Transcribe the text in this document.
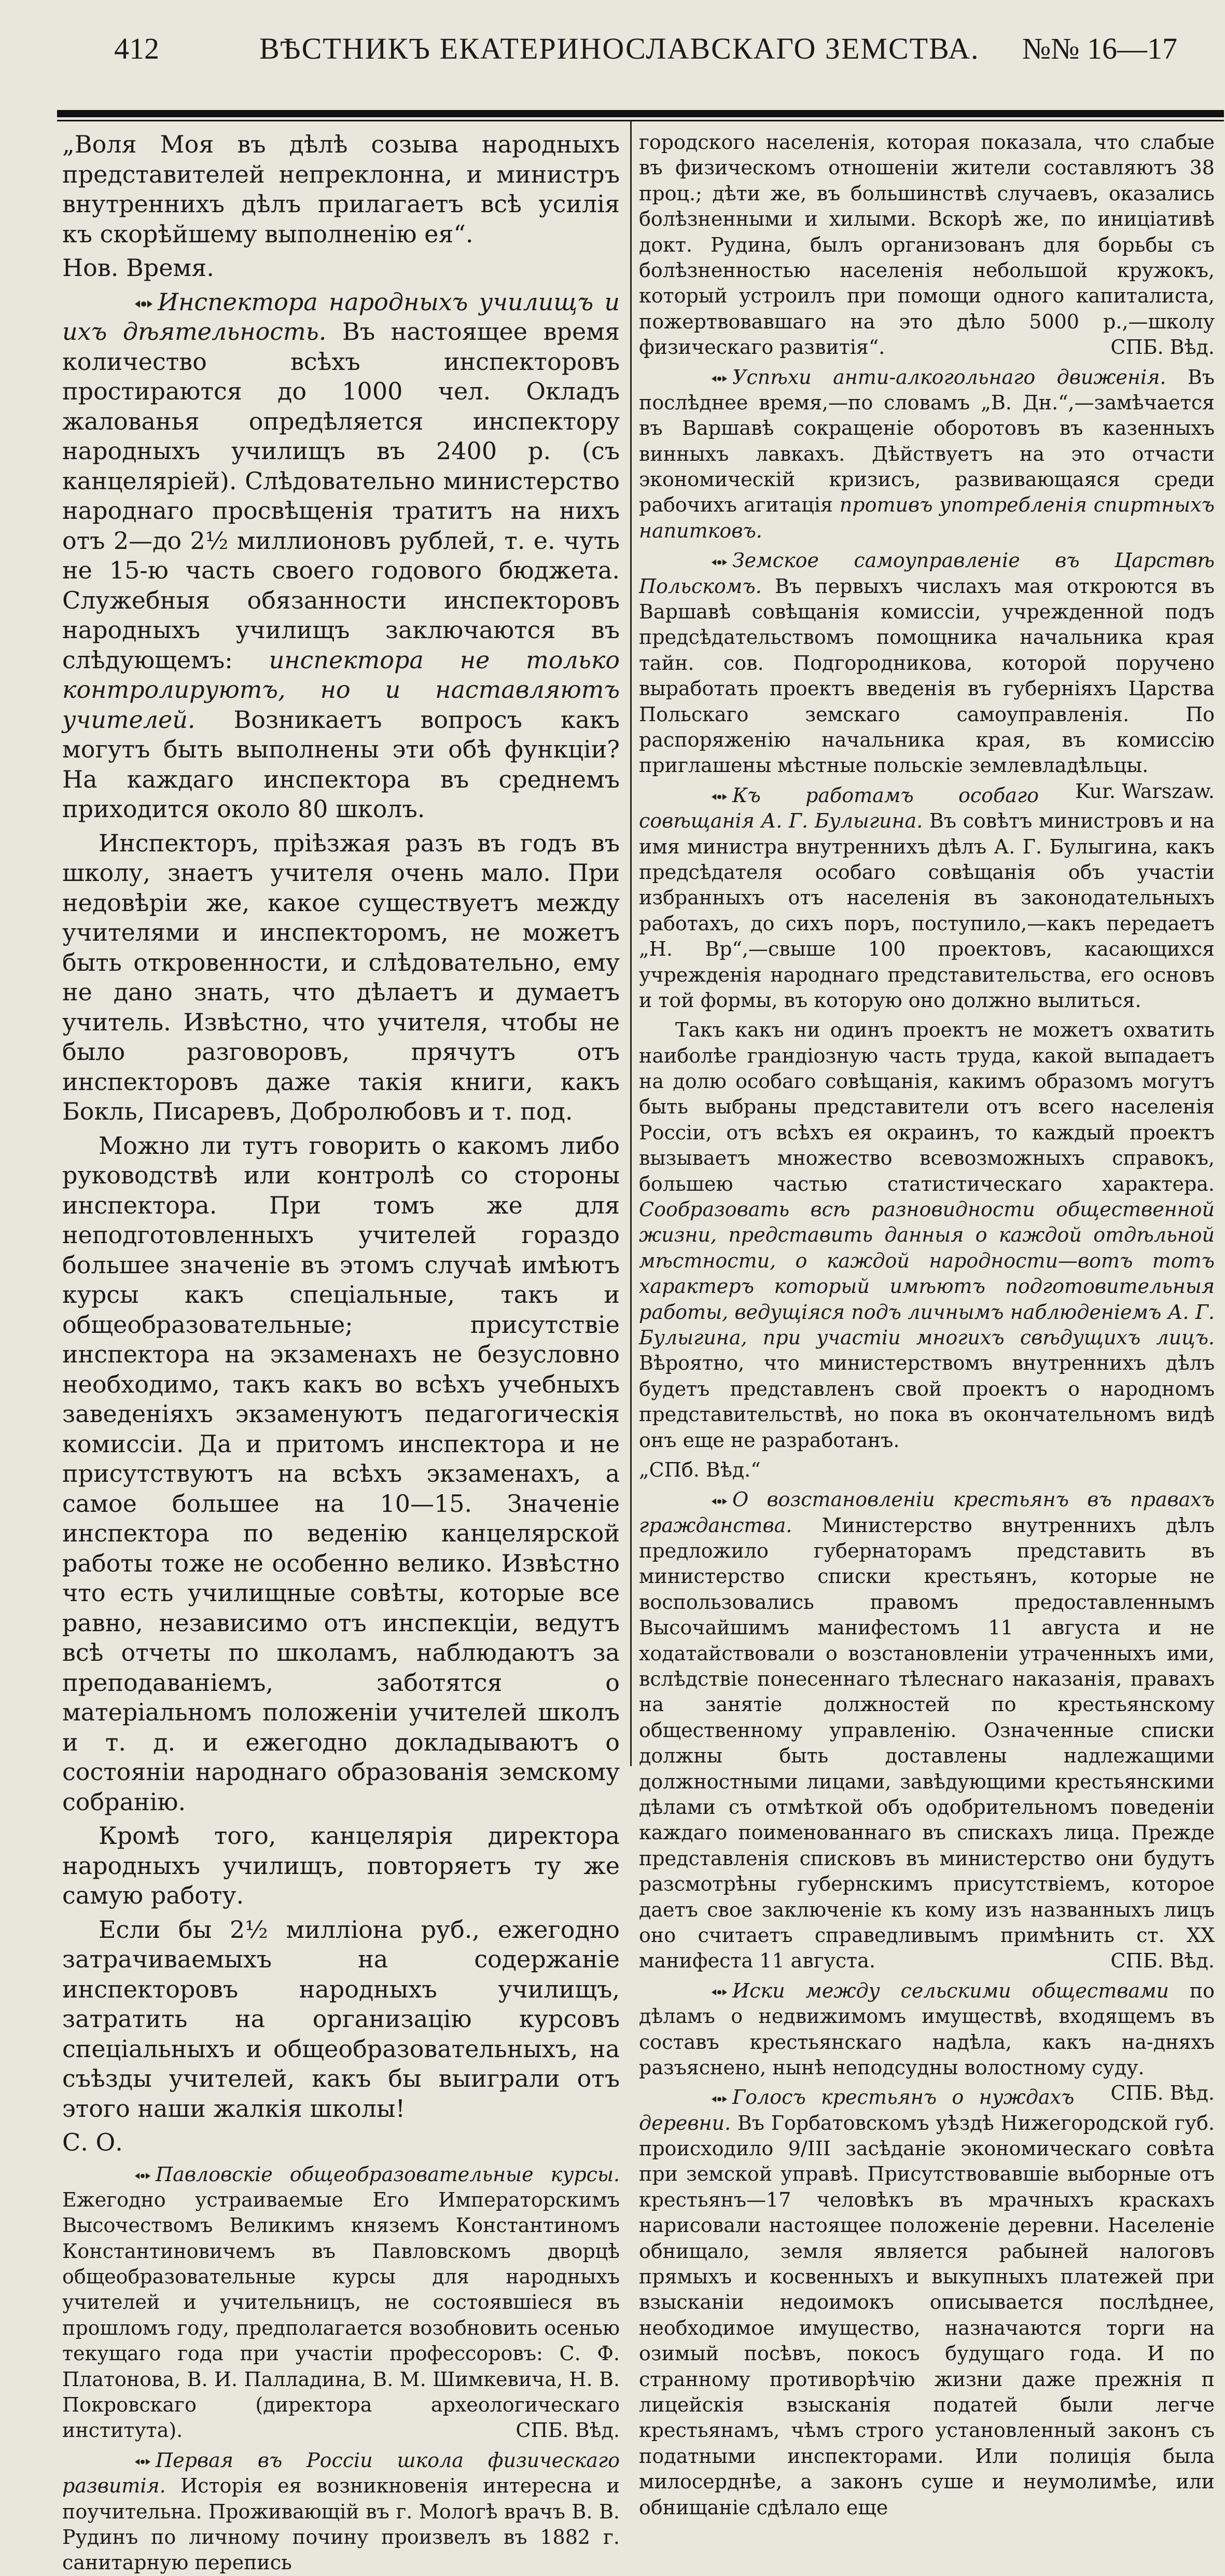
412	ВѢСТНИКЪ ЕКАТЕРИНОСЛАВСКАГО ЗЕМСТВА. №№ 16—17

„Воля Моя въ дѣлѣ созыва народныхъ представителей непреклонна, и министръ внутреннихъ дѣлъ прилагаетъ всѣ усилія къ скорѣйшему выполненію ея“.

Нов. Время.

Инспектора народныхъ училищъ и ихъ дѣятельность. Въ настоящее время количество всѣхъ инспекторовъ простираются до 1000 чел. Окладъ жалованья опредѣляется инспектору народныхъ училищъ въ 2400 р. (съ канцеляріей). Слѣдовательно министерство народнаго просвѣщенія тратитъ на нихъ отъ 2—до 2½ миллионовъ рублей, т. е. чуть не 15-ю часть своего годового бюджета. Служебныя обязанности инспекторовъ народныхъ училищъ заключаются въ слѣдующемъ: инспектора не только контролируютъ, но и наставляютъ учителей. Возникаетъ вопросъ какъ могутъ быть выполнены эти обѣ функціи? На каждаго инспектора въ среднемъ приходится около 80 школъ.

Инспекторъ, пріѣзжая разъ въ годъ въ школу, знаетъ учителя очень мало. При недовѣріи же, какое существуетъ между учителями и инспекторомъ, не можетъ быть откровенности, и слѣдовательно, ему не дано знать, что дѣлаетъ и думаетъ учитель. Извѣстно, что учителя, чтобы не было разговоровъ, прячутъ отъ инспекторовъ даже такія книги, какъ Бокль, Писаревъ, Добролюбовъ и т. под.

Можно ли тутъ говорить о какомъ либо руководствѣ или контролѣ со стороны инспектора. При томъ же для неподготовленныхъ учителей гораздо большее значеніе въ этомъ случаѣ имѣютъ курсы какъ спеціальные, такъ и общеобразовательные; присутствіе инспектора на экзаменахъ не безусловно необходимо, такъ какъ во всѣхъ учебныхъ заведеніяхъ экзаменуютъ педагогическія комиссіи. Да и притомъ инспектора и не присутствуютъ на всѣхъ экзаменахъ, а самое большее на 10—15. Значеніе инспектора по веденію канцелярской работы тоже не особенно велико. Извѣстно что есть училищные совѣты, которые все равно, независимо отъ инспекціи, ведутъ всѣ отчеты по школамъ, наблюдаютъ за преподаваніемъ, заботятся о матеріальномъ положеніи учителей школъ и т. д. и ежегодно докладываютъ о состояніи народнаго образованія земскому собранію.

Кромѣ того, канцелярія директора народныхъ училищъ, повторяетъ ту же самую работу.

Если бы 2½ милліона руб., ежегодно затрачиваемыхъ на содержаніе инспекторовъ народныхъ училищъ, затратить на организацію курсовъ спеціальныхъ и общеобразовательныхъ, на съѣзды учителей, какъ бы выиграли отъ этого наши жалкія школы!

С. О.

Павловскіе общеобразовательные курсы. Ежегодно устраиваемые Его Императорскимъ Высочествомъ Великимъ княземъ Константиномъ Константиновичемъ въ Павловскомъ дворцѣ общеобразовательные курсы для народныхъ учителей и учительницъ, не состоявшіеся въ прошломъ году, предполагается возобновить осенью текущаго года при участіи профессоровъ: С. Ф. Платонова, В. И. Палладина, В. М. Шимкевича, Н. В. Покровскаго (директора археологическаго института).	СПБ. Вѣд.

Первая въ Россіи школа физическаго развитія. Исторія ея возникновенія интересна и поучительна. Проживающій въ г. Мологѣ врачъ В. В. Рудинъ по личному почину произвелъ въ 1882 г. санитарную перепись

городского населенія, которая показала, что слабые въ физическомъ отношеніи жители составляютъ 38 проц.; дѣти же, въ большинствѣ случаевъ, оказались болѣзненными и хилыми. Вскорѣ же, по иниціативѣ докт. Рудина, былъ организованъ для борьбы съ болѣзненностью населенія небольшой кружокъ, который устроилъ при помощи одного капиталиста, пожертвовавшаго на это дѣло 5000 р.,—школу физическаго развитія“.	СПБ. Вѣд.

Успѣхи анти-алкогольнаго движенія. Въ послѣднее время,—по словамъ „В. Дн.“,—замѣчается въ Варшавѣ сокращеніе оборотовъ въ казенныхъ винныхъ лавкахъ. Дѣйствуетъ на это отчасти экономическій кризисъ, развивающаяся среди рабочихъ агитація противъ употребленія спиртныхъ напитковъ.

Земское самоуправленіе въ Царствѣ Польскомъ. Въ первыхъ числахъ мая откроются въ Варшавѣ совѣщанія комиссіи, учрежденной подъ предсѣдательствомъ помощника начальника края тайн. сов. Подгородникова, которой поручено выработать проектъ введенія въ губерніяхъ Царства Польскаго земскаго самоуправленія. По распоряженію начальника края, въ комиссію приглашены мѣстные польскіе землевладѣльцы.
Kur. Warszaw.

Къ работамъ особаго совѣщанія А. Г. Булыгина. Въ совѣтъ министровъ и на имя министра внутреннихъ дѣлъ А. Г. Булыгина, какъ предсѣдателя особаго совѣщанія объ участіи избранныхъ отъ населенія въ законодательныхъ работахъ, до сихъ поръ, поступило,—какъ передаетъ „Н. Вр“,—свыше 100 проектовъ, касающихся учрежденія народнаго представительства, его основъ и той формы, въ которую оно должно вылиться.

Такъ какъ ни одинъ проектъ не можетъ охватить наиболѣе грандіозную часть труда, какой выпадаетъ на долю особаго совѣщанія, какимъ образомъ могутъ быть выбраны представители отъ всего населенія Россіи, отъ всѣхъ ея окраинъ, то каждый проектъ вызываетъ множество всевозможныхъ справокъ, большею частью статистическаго характера. Сообразовать всѣ разновидности общественной жизни, представить данныя о каждой отдѣльной мѣстности, о каждой народности—вотъ тотъ характеръ который имѣютъ подготовительныя работы, ведущіяся подъ личнымъ наблюденіемъ А. Г. Булыгина, при участіи многихъ свѣдущихъ лицъ. Вѣроятно, что министерствомъ внутреннихъ дѣлъ будетъ представленъ свой проектъ о народномъ представительствѣ, но пока въ окончательномъ видѣ онъ еще не разработанъ.

„СПб. Вѣд.“

О возстановленіи крестьянъ въ правахъ гражданства. Министерство внутреннихъ дѣлъ предложило губернаторамъ представить въ министерство списки крестьянъ, которые не воспользовались правомъ предоставленнымъ Высочайшимъ манифестомъ 11 августа и не ходатайствовали о возстановленіи утраченныхъ ими, вслѣдствіе понесеннаго тѣлеснаго наказанія, правахъ на занятіе должностей по крестьянскому общественному управленію. Означенные списки должны быть доставлены надлежащими должностными лицами, завѣдующими крестьянскими дѣлами съ отмѣткой объ одобрительномъ поведеніи каждаго поименованнаго въ спискахъ лица. Прежде представленія списковъ въ министерство они будутъ разсмотрѣны губернскимъ присутствіемъ, которое даетъ свое заключеніе къ кому изъ названныхъ лицъ оно считаетъ справедливымъ примѣнить ст. XX манифеста 11 августа.	СПБ. Вѣд.

Иски между сельскими обществами по дѣламъ о недвижимомъ имуществѣ, входящемъ въ составъ крестьянскаго надѣла, какъ на-дняхъ разъяснено, нынѣ неподсудны волостному суду.
СПБ. Вѣд.

Голосъ крестьянъ о нуждахъ деревни. Въ Горбатовскомъ уѣздѣ Нижегородской губ. происходило 9/III засѣданіе экономическаго совѣта при земской управѣ. Присутствовавшіе выборные отъ крестьянъ—17 человѣкъ въ мрачныхъ краскахъ нарисовали настоящее положеніе деревни. Населеніе обнищало, земля является рабыней налоговъ прямыхъ и косвенныхъ и выкупныхъ платежей при взысканіи недоимокъ описывается послѣднее, необходимое имущество, назначаются торги на озимый посѣвъ, покосъ будущаго года. И по странному противорѣчію жизни даже прежнія п лицейскія взысканія податей были легче крестьянамъ, чѣмъ строго установленный законъ съ податными инспекторами. Или полиція была милосерднѣе, а законъ суше и неумолимѣе, или обнищаніе сдѣлало еще
